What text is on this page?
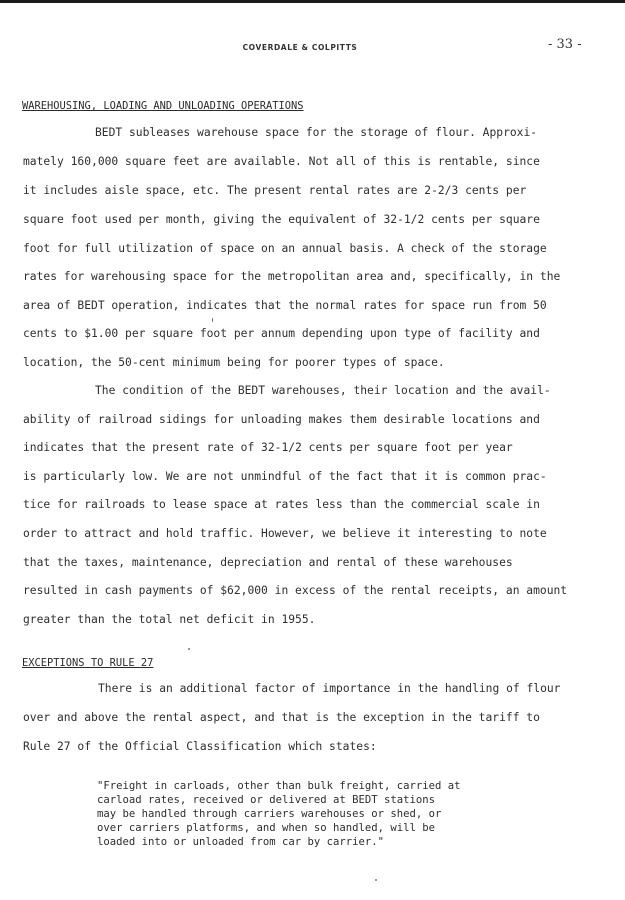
COVERDALE & COLPITTS	- 33 -
WAREHOUSING, LOADING AND UNLOADING OPERATIONS
BEDT subleases warehouse space for the storage of flour. Approxi-
mately 160,000 square feet are available. Not all of this is rentable, since
it includes aisle space, etc. The present rental rates are 2-2/3 cents per
square foot used per month, giving the equivalent of 32-1/2 cents per square
foot for full utilization of space on an annual basis. A check of the storage
rates for warehousing space for the metropolitan area and, specifically, in the
area of BEDT operation, indicates that the normal rates for space run from 50
cents to $1.00 per square foot per annum depending upon type of facility and
location, the 50-cent minimum being for poorer types of space.
The condition of the BEDT warehouses, their location and the avail-
ability of railroad sidings for unloading makes them desirable locations and
indicates that the present rate of 32-1/2 cents per square foot per year
is particularly low. We are not unmindful of the fact that it is common prac-
tice for railroads to lease space at rates less than the commercial scale in
order to attract and hold traffic. However, we believe it interesting to note
that the taxes, maintenance, depreciation and rental of these warehouses
resulted in cash payments of $62,000 in excess of the rental receipts, an amount
greater than the total net deficit in 1955.
EXCEPTIONS TO RULE 27
There is an additional factor of importance in the handling of flour
over and above the rental aspect, and that is the exception in the tariff to
Rule 27 of the Official Classification which states:
"Freight in carloads, other than bulk freight, carried at
carload rates, received or delivered at BEDT stations
may be handled through carriers warehouses or shed, or
over carriers platforms, and when so handled, will be
loaded into or unloaded from car by carrier."
